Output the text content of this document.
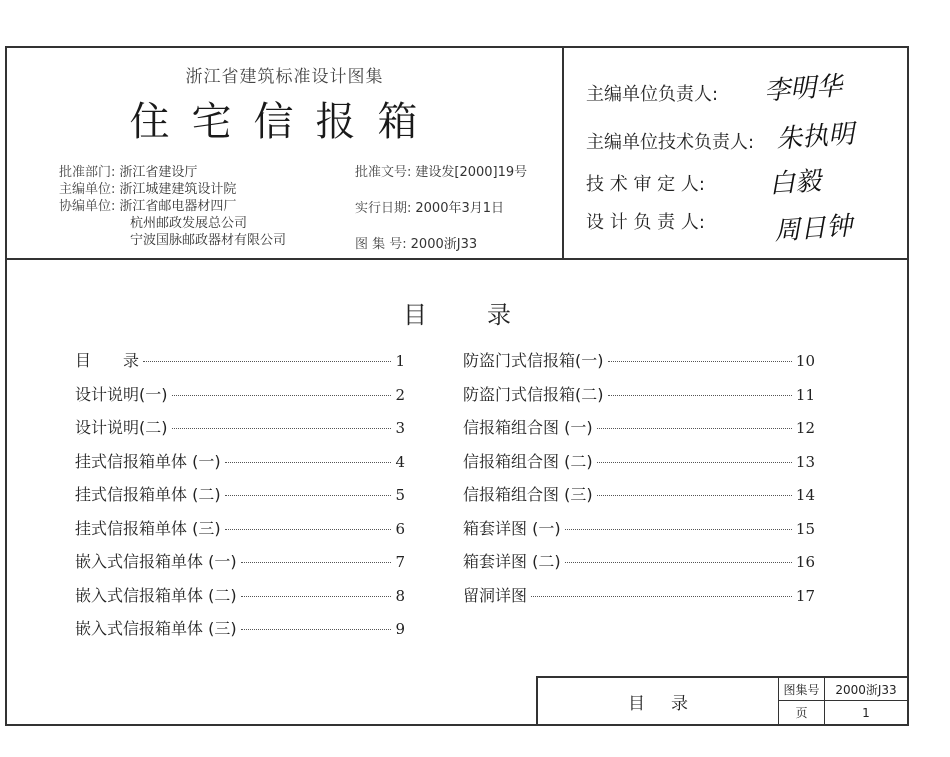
浙江省建筑标准设计图集
住宅信报箱
批准部门: 浙江省建设厅
主编单位: 浙江城建建筑设计院
协编单位: 浙江省邮电器材四厂
杭州邮政发展总公司
宁波国脉邮政器材有限公司
批准文号: 建设发[2000]19号
实行日期: 2000年3月1日
图 集 号: 2000浙J33
主编单位负责人: 李明华
主编单位技术负责人: 朱执明
技 术 审 定 人: 白毅
设 计 负 责 人:	周日钟
目录
目　　录	1
设计说明(一)	2
设计说明(二)	3
挂式信报箱单体 (一)	4
挂式信报箱单体 (二)	5
挂式信报箱单体 (三)	6
嵌入式信报箱单体 (一)	7
嵌入式信报箱单体 (二)	8
嵌入式信报箱单体 (三)	9
防盗门式信报箱(一)	10
防盗门式信报箱(二)	11
信报箱组合图 (一)	12
信报箱组合图 (二)	13
信报箱组合图 (三)	14
箱套详图 (一)	15
箱套详图 (二)	16
留洞详图	17
目录
图集号	2000浙J33
页	1
